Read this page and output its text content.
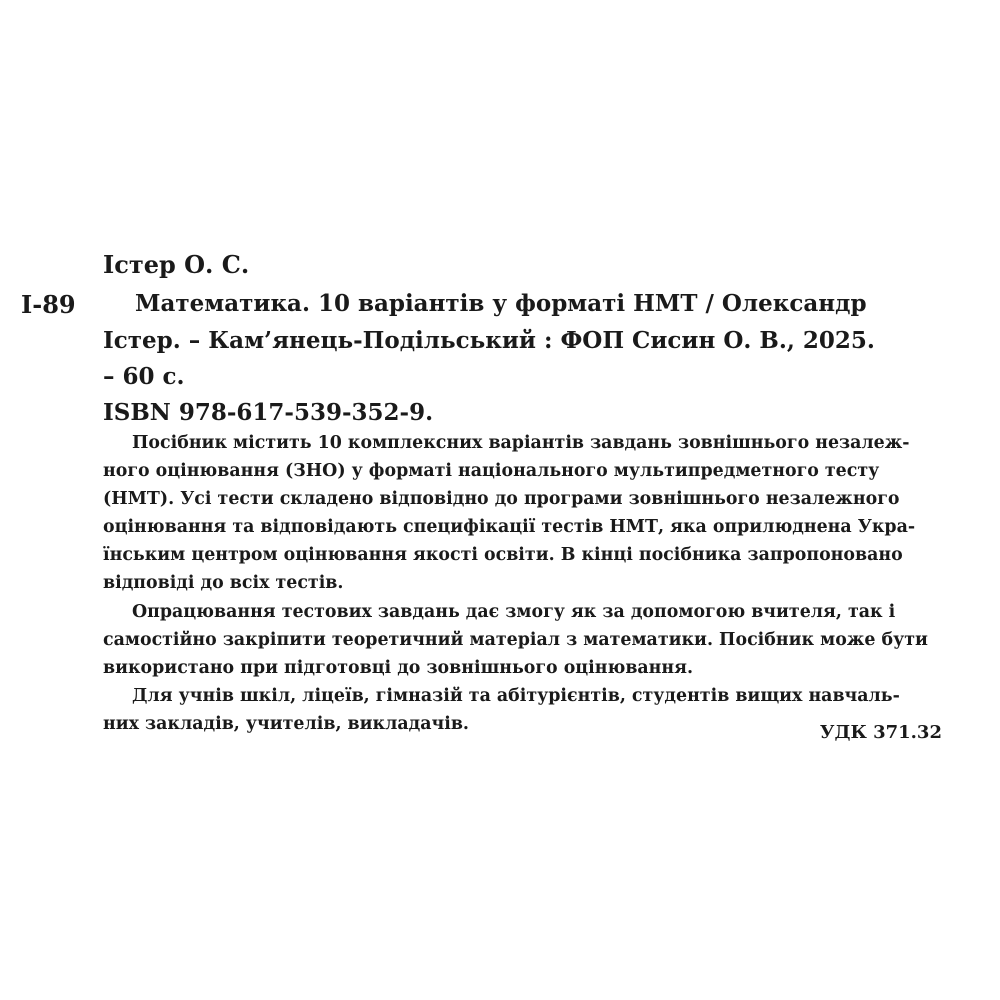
Істер О. С.
І-89	Математика. 10 варіантів у форматі НМТ / Олександр
Істер. – Кам’янець-Подільський : ФОП Сисин О. В., 2025.
– 60 с.
ISBN 978-617-539-352-9.
Посібник містить 10 комплексних варіантів завдань зовнішнього незалеж-
ного оцінювання (ЗНО) у форматі національного мультипредметного тесту
(НМТ). Усі тести складено відповідно до програми зовнішнього незалежного
оцінювання та відповідають специфікації тестів НМТ, яка оприлюднена Укра-
їнським центром оцінювання якості освіти. В кінці посібника запропоновано
відповіді до всіх тестів.
Опрацювання тестових завдань дає змогу як за допомогою вчителя, так і
самостійно закріпити теоретичний матеріал з математики. Посібник може бути
використано при підготовці до зовнішнього оцінювання.
Для учнів шкіл, ліцеїв, гімназій та абітурієнтів, студентів вищих навчаль-
них закладів, учителів, викладачів.	УДК 371.32
